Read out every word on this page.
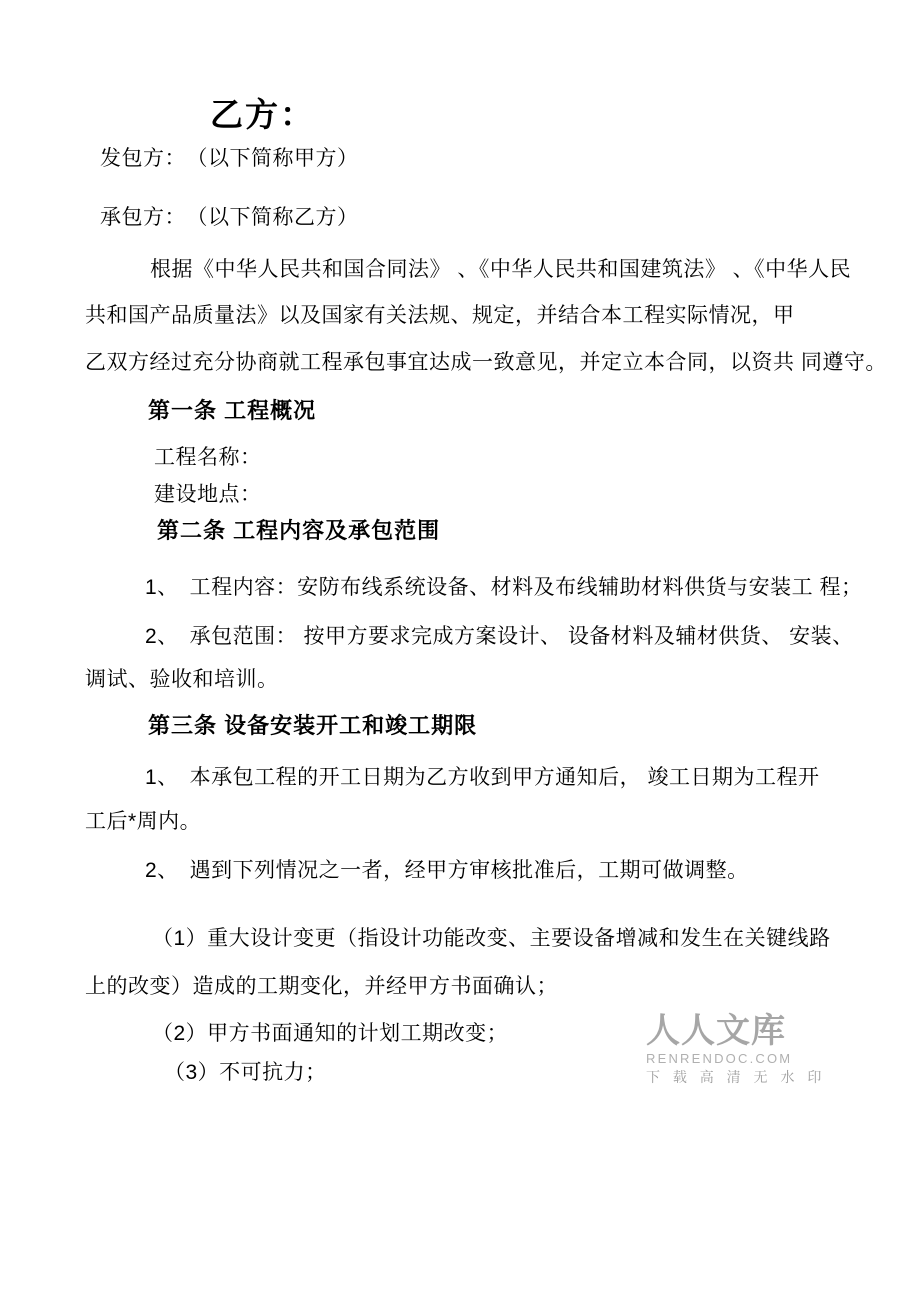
乙方：

发包方：　（以下简称甲方）

承包方：　（以下简称乙方）

根据《中华人民共和国合同法》 、《中华人民共和国建筑法》 、《中华人民

共和国产品质量法》以及国家有关法规、规定，并结合本工程实际情况，甲

乙双方经过充分协商就工程承包事宜达成一致意见，并定立本合同，以资共 同遵守。

第一条 工程概况

工程名称：

建设地点：

第二条 工程内容及承包范围

1、　工程内容：安防布线系统设备、材料及布线辅助材料供货与安装工 程；

2、　承包范围： 按甲方要求完成方案设计、 设备材料及辅材供货、 安装、

调试、验收和培训。

第三条 设备安装开工和竣工期限

1、　本承包工程的开工日期为乙方收到甲方通知后， 竣工日期为工程开

工后*周内。

2、　遇到下列情况之一者，经甲方审核批准后，工期可做调整。

（1）重大设计变更（指设计功能改变、主要设备增减和发生在关键线路

上的改变）造成的工期变化，并经甲方书面确认；

（2）甲方书面通知的计划工期改变；

（3）不可抗力；

人人文库
RENRENDOC.COM
下 载 高 清 无 水 印
